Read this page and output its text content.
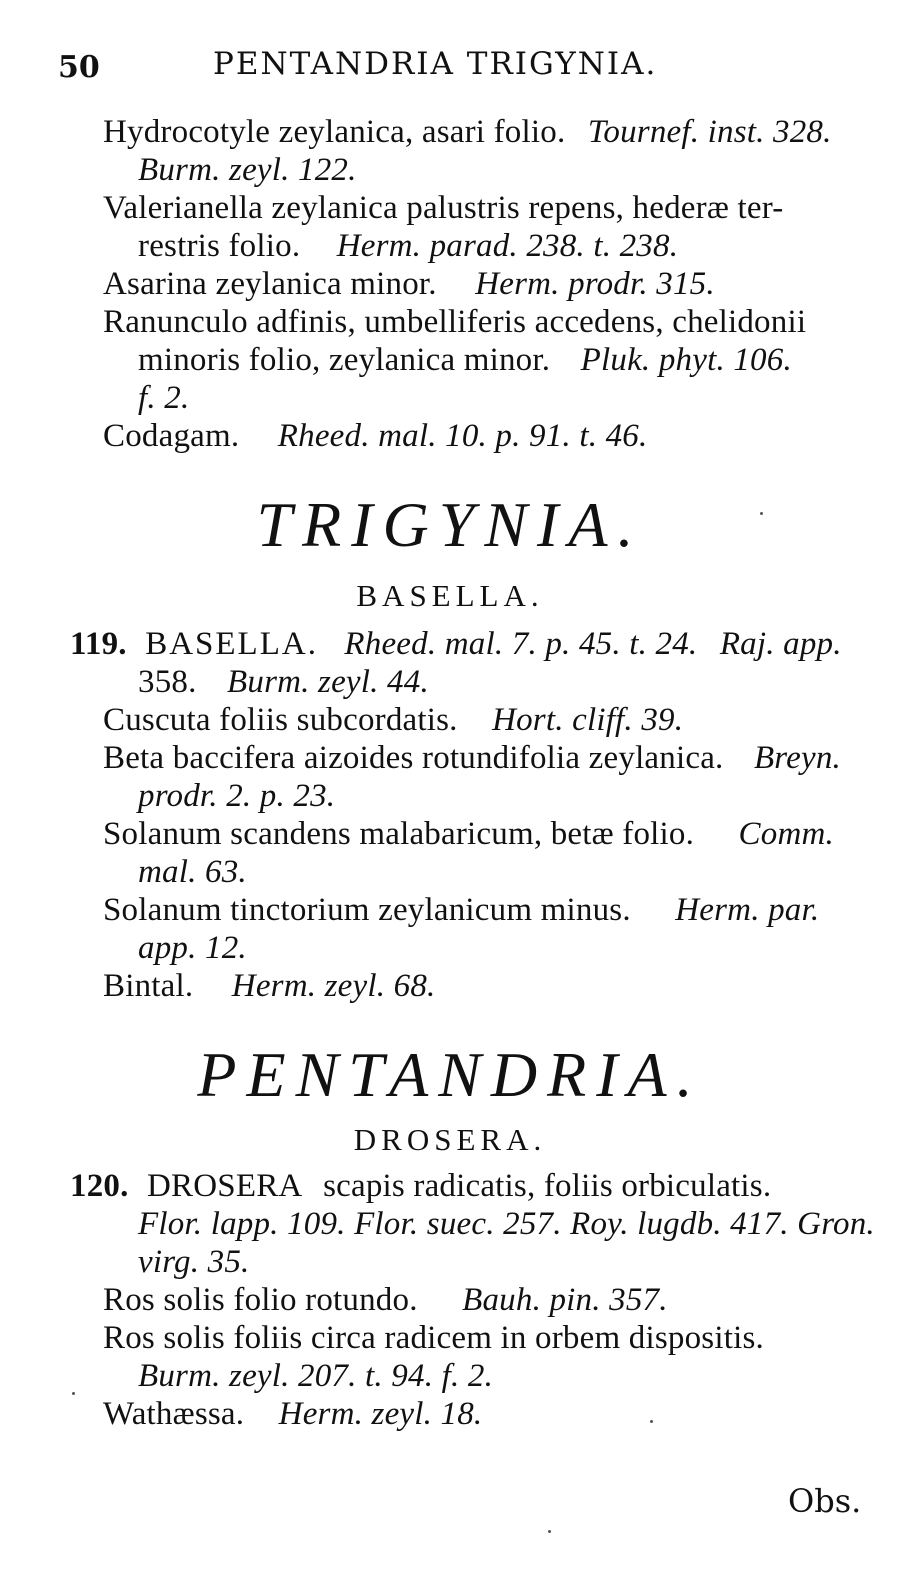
50	PENTANDRIA TRIGYNIA.
Hydrocotyle zeylanica, asari folio. Tournef. inst. 328.
Burm. zeyl. 122.
Valerianella zeylanica palustris repens, hederæ ter-
restris folio. Herm. parad. 238. t. 238.
Asarina zeylanica minor. Herm. prodr. 315.
Ranunculo adfinis, umbelliferis accedens, chelidonii
minoris folio, zeylanica minor. Pluk. phyt. 106.
f. 2.
Codagam. Rheed. mal. 10. p. 91. t. 46.
TRIGYNIA.
BASELLA.
119. BASELLA. Rheed. mal. 7. p. 45. t. 24. Raj. app.
358. Burm. zeyl. 44.
Cuscuta foliis subcordatis. Hort. cliff. 39.
Beta baccifera aizoides rotundifolia zeylanica. Breyn.
prodr. 2. p. 23.
Solanum scandens malabaricum, betæ folio. Comm.
mal. 63.
Solanum tinctorium zeylanicum minus. Herm. par.
app. 12.
Bintal. Herm. zeyl. 68.
PENTANDRIA.
DROSERA.
120. DROSERA scapis radicatis, foliis orbiculatis.
Flor. lapp. 109. Flor. suec. 257. Roy. lugdb. 417. Gron.
virg. 35.
Ros solis folio rotundo. Bauh. pin. 357.
Ros solis foliis circa radicem in orbem dispositis.
Burm. zeyl. 207. t. 94. f. 2.
Wathæssa. Herm. zeyl. 18.
Obs.
